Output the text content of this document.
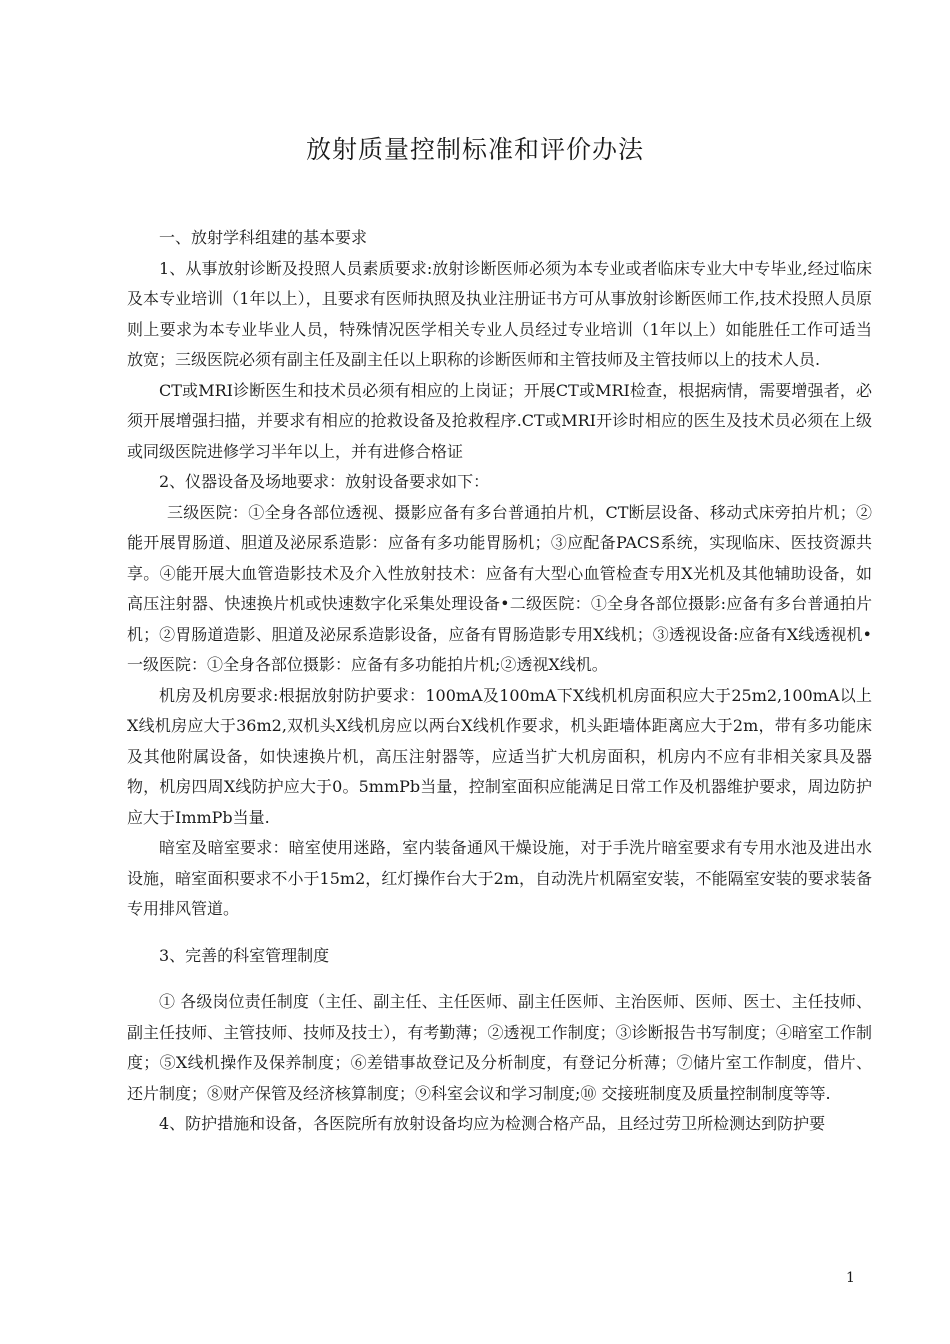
放射质量控制标准和评价办法

一、放射学科组建的基本要求

1、从事放射诊断及投照人员素质要求:放射诊断医师必须为本专业或者临床专业大中专毕业,经过临床及本专业培训（1年以上），且要求有医师执照及执业注册证书方可从事放射诊断医师工作,技术投照人员原则上要求为本专业毕业人员，特殊情况医学相关专业人员经过专业培训（1年以上）如能胜任工作可适当放宽；三级医院必须有副主任及副主任以上职称的诊断医师和主管技师及主管技师以上的技术人员.

CT或MRI诊断医生和技术员必须有相应的上岗证；开展CT或MRI检查，根据病情，需要增强者，必须开展增强扫描，并要求有相应的抢救设备及抢救程序.CT或MRI开诊时相应的医生及技术员必须在上级或同级医院进修学习半年以上，并有进修合格证

2、仪器设备及场地要求：放射设备要求如下：

三级医院：①全身各部位透视、摄影应备有多台普通拍片机，CT断层设备、移动式床旁拍片机；②能开展胃肠道、胆道及泌尿系造影：应备有多功能胃肠机；③应配备PACS系统，实现临床、医技资源共享。④能开展大血管造影技术及介入性放射技术：应备有大型心血管检查专用X光机及其他辅助设备，如高压注射器、快速换片机或快速数字化采集处理设备•二级医院：①全身各部位摄影:应备有多台普通拍片机；②胃肠道造影、胆道及泌尿系造影设备，应备有胃肠造影专用X线机；③透视设备:应备有X线透视机•一级医院：①全身各部位摄影：应备有多功能拍片机;②透视X线机。

机房及机房要求:根据放射防护要求：100mA及100mA下X线机机房面积应大于25m2,100mA以上X线机房应大于36m2,双机头X线机房应以两台X线机作要求，机头距墙体距离应大于2m，带有多功能床及其他附属设备，如快速换片机，高压注射器等，应适当扩大机房面积，机房内不应有非相关家具及器物，机房四周X线防护应大于0。5mmPb当量，控制室面积应能满足日常工作及机器维护要求，周边防护应大于ImmPb当量.

暗室及暗室要求：暗室使用迷路，室内装备通风干燥设施，对于手洗片暗室要求有专用水池及进出水设施，暗室面积要求不小于15m2，红灯操作台大于2m，自动洗片机隔室安装，不能隔室安装的要求装备专用排风管道。

3、完善的科室管理制度

① 各级岗位责任制度（主任、副主任、主任医师、副主任医师、主治医师、医师、医士、主任技师、副主任技师、主管技师、技师及技士），有考勤薄；②透视工作制度；③诊断报告书写制度；④暗室工作制度；⑤X线机操作及保养制度；⑥差错事故登记及分析制度，有登记分析薄；⑦储片室工作制度，借片、还片制度；⑧财产保管及经济核算制度；⑨科室会议和学习制度;⑩ 交接班制度及质量控制制度等等.

4、防护措施和设备，各医院所有放射设备均应为检测合格产品，且经过劳卫所检测达到防护要

1
